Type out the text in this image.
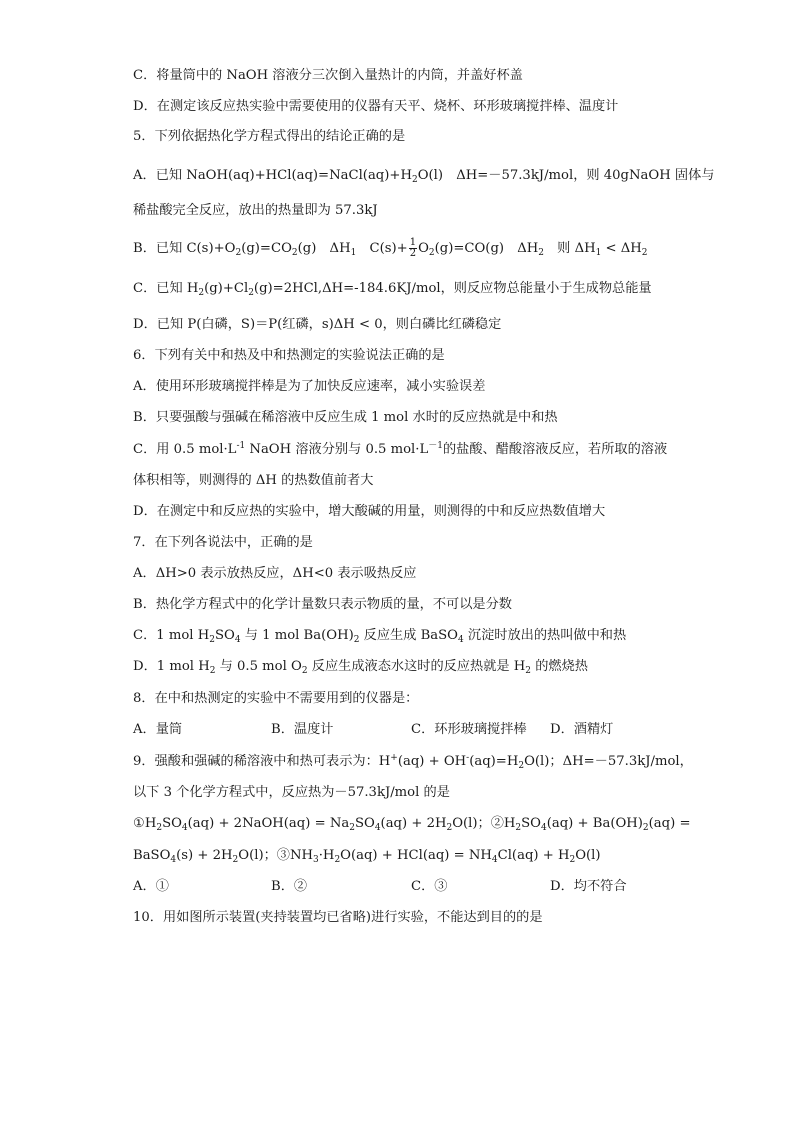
C．将量筒中的 NaOH 溶液分三次倒入量热计的内筒，并盖好杯盖
D．在测定该反应热实验中需要使用的仪器有天平、烧杯、环形玻璃搅拌棒、温度计
5．下列依据热化学方程式得出的结论正确的是
A．已知 $NaOH(aq)+HCl(aq)=NaCl(aq)+H_2O(l)$　ΔH=－57.3kJ/mol，则 40gNaOH 固体与
稀盐酸完全反应，放出的热量即为 57.3kJ
B．已知 $C(s)+O_2(g)=CO_2(g)$　$\Delta H_1$　$C(s)+ \frac{1}{2} O_2(g)=CO(g)$　$\Delta H_2$　则 $\Delta H_1 < \Delta H_2$
C．已知 $H_2(g)+Cl_2(g)=2HCl,\Delta H=-184.6KJ$/mol，则反应物总能量小于生成物总能量
D．已知 P(白磷，S)＝P(红磷，s)ΔH < 0，则白磷比红磷稳定
6．下列有关中和热及中和热测定的实验说法正确的是
A．使用环形玻璃搅拌棒是为了加快反应速率，减小实验误差
B．只要强酸与强碱在稀溶液中反应生成 1 mol 水时的反应热就是中和热
C．用 0.5 $mol\cdot L^{-1}$ NaOH 溶液分别与 0.5 $mol\cdot L^{-1}$的盐酸、醋酸溶液反应，若所取的溶液
体积相等，则测得的 ΔH 的热数值前者大
D．在测定中和反应热的实验中，增大酸碱的用量，则测得的中和反应热数值增大
7．在下列各说法中，正确的是
A．ΔH>0 表示放热反应，ΔH<0 表示吸热反应
B．热化学方程式中的化学计量数只表示物质的量，不可以是分数
C．1 mol $H_2SO_4$ 与 1 mol $Ba(OH)_2$ 反应生成 BaSO$_4$ 沉淀时放出的热叫做中和热
D．1 mol $H_2$ 与 0.5 mol $O_2$ 反应生成液态水这时的反应热就是 $H_2$ 的燃烧热
8．在中和热测定的实验中不需要用到的仪器是：
A．量筒	B．温度计	C．环形玻璃搅拌棒 D．酒精灯
9．强酸和强碱的稀溶液中和热可表示为：$H^+(aq) + OH^-(aq)=H_2O(l)$；ΔH=－57.3kJ/mol，
以下 3 个化学方程式中，反应热为－57.3kJ/mol 的是
$①H_2SO_4(aq)$ + 2NaOH(aq) = $Na_2SO_4(aq) + 2H_2O(l)$；$②H_2SO_4(aq) + Ba(OH)_2(aq)$ =
BaSO$_4$(s) + $2H_2O(l)$；$③NH_3\cdot H_2O(aq) + HCl(aq) = NH_4Cl(aq) + H_2O(l)$
A．①	B．②	C．③	D．均不符合
10．用如图所示装置(夹持装置均已省略)进行实验，不能达到目的的是
